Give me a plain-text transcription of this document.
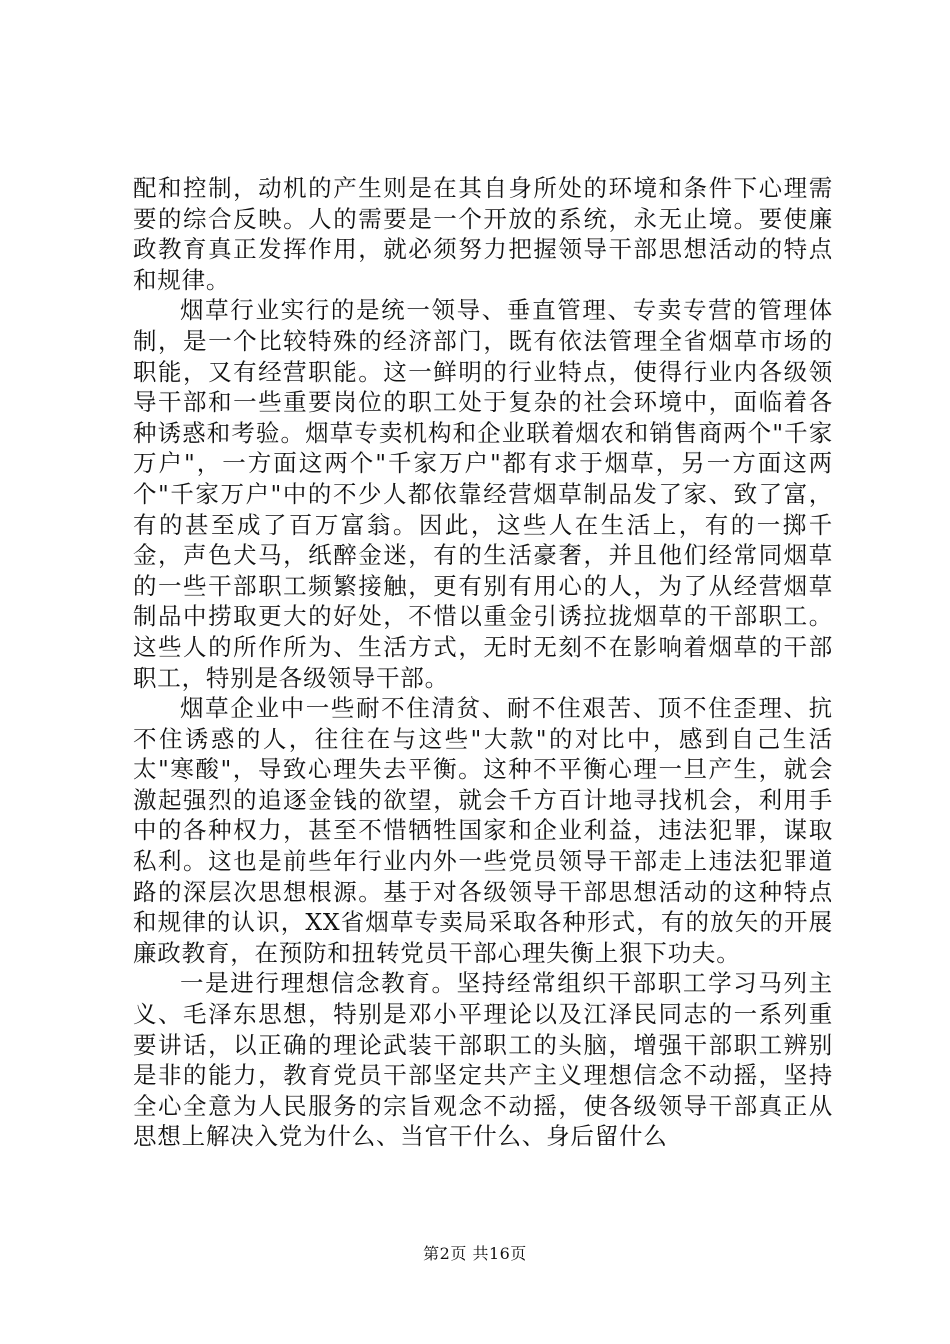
配和控制，动机的产生则是在其自身所处的环境和条件下心理需要的综合反映。人的需要是一个开放的系统，永无止境。要使廉政教育真正发挥作用，就必须努力把握领导干部思想活动的特点和规律。

烟草行业实行的是统一领导、垂直管理、专卖专营的管理体制，是一个比较特殊的经济部门，既有依法管理全省烟草市场的职能，又有经营职能。这一鲜明的行业特点，使得行业内各级领导干部和一些重要岗位的职工处于复杂的社会环境中，面临着各种诱惑和考验。烟草专卖机构和企业联着烟农和销售商两个"千家万户"，一方面这两个"千家万户"都有求于烟草，另一方面这两个"千家万户"中的不少人都依靠经营烟草制品发了家、致了富，有的甚至成了百万富翁。因此，这些人在生活上，有的一掷千金，声色犬马，纸醉金迷，有的生活豪奢，并且他们经常同烟草的一些干部职工频繁接触，更有别有用心的人，为了从经营烟草制品中捞取更大的好处，不惜以重金引诱拉拢烟草的干部职工。这些人的所作所为、生活方式，无时无刻不在影响着烟草的干部职工，特别是各级领导干部。

烟草企业中一些耐不住清贫、耐不住艰苦、顶不住歪理、抗不住诱惑的人，往往在与这些"大款"的对比中，感到自己生活太"寒酸"，导致心理失去平衡。这种不平衡心理一旦产生，就会激起强烈的追逐金钱的欲望，就会千方百计地寻找机会，利用手中的各种权力，甚至不惜牺牲国家和企业利益，违法犯罪，谋取私利。这也是前些年行业内外一些党员领导干部走上违法犯罪道路的深层次思想根源。基于对各级领导干部思想活动的这种特点和规律的认识，XX省烟草专卖局采取各种形式，有的放矢的开展廉政教育，在预防和扭转党员干部心理失衡上狠下功夫。

一是进行理想信念教育。坚持经常组织干部职工学习马列主义、毛泽东思想，特别是邓小平理论以及江泽民同志的一系列重要讲话，以正确的理论武装干部职工的头脑，增强干部职工辨别是非的能力，教育党员干部坚定共产主义理想信念不动摇，坚持全心全意为人民服务的宗旨观念不动摇，使各级领导干部真正从思想上解决入党为什么、当官干什么、身后留什么

第2页 共16页
